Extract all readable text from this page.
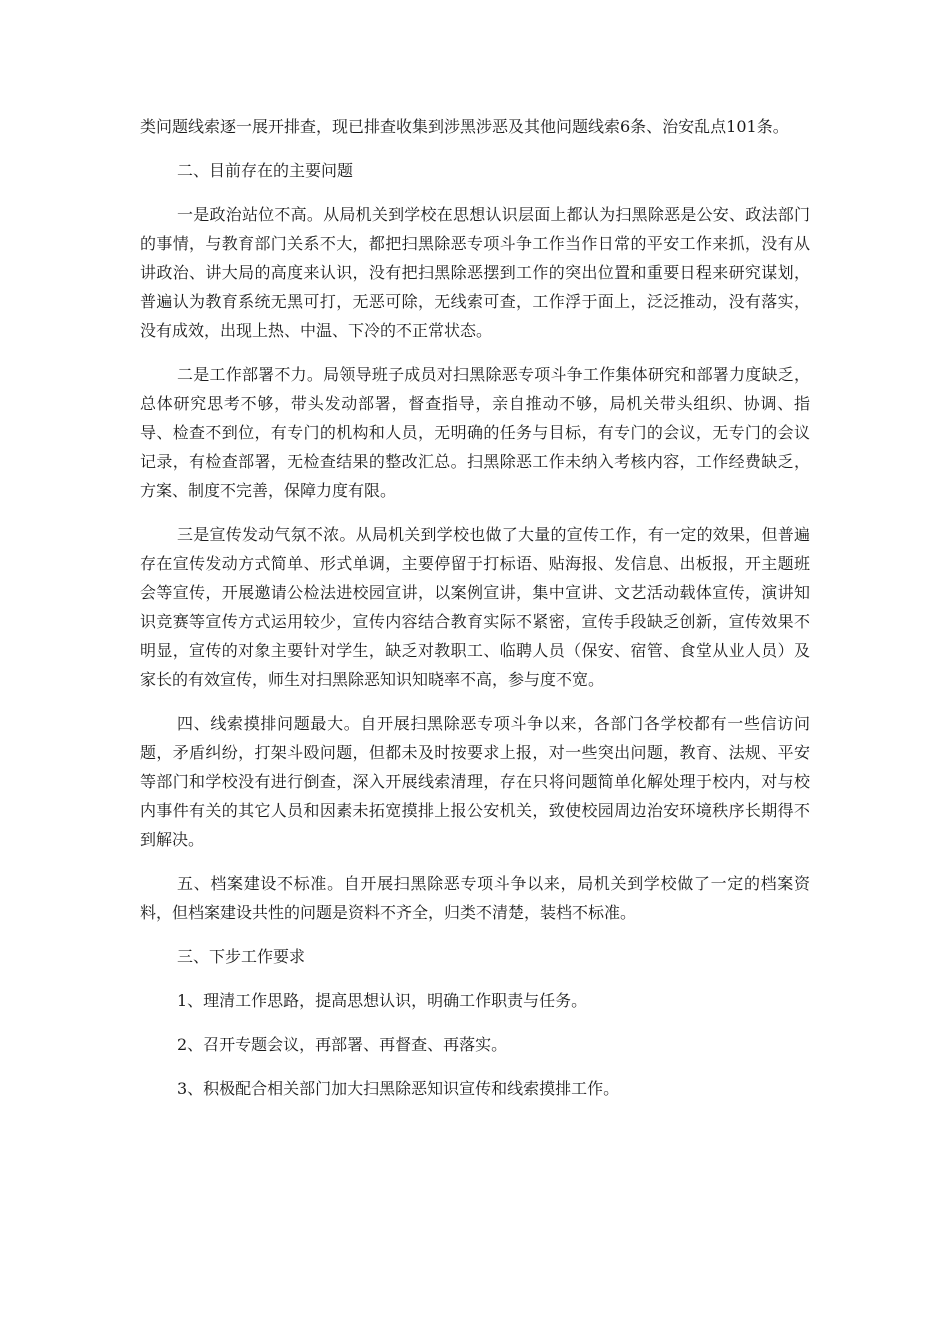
类问题线索逐一展开排查，现已排查收集到涉黑涉恶及其他问题线索6条、治安乱点101条。

二、目前存在的主要问题

一是政治站位不高。从局机关到学校在思想认识层面上都认为扫黑除恶是公安、政法部门的事情，与教育部门关系不大，都把扫黑除恶专项斗争工作当作日常的平安工作来抓，没有从讲政治、讲大局的高度来认识，没有把扫黑除恶摆到工作的突出位置和重要日程来研究谋划，普遍认为教育系统无黑可打，无恶可除，无线索可查，工作浮于面上，泛泛推动，没有落实，没有成效，出现上热、中温、下冷的不正常状态。

二是工作部署不力。局领导班子成员对扫黑除恶专项斗争工作集体研究和部署力度缺乏，总体研究思考不够，带头发动部署，督查指导，亲自推动不够，局机关带头组织、协调、指导、检查不到位，有专门的机构和人员，无明确的任务与目标，有专门的会议，无专门的会议记录，有检查部署，无检查结果的整改汇总。扫黑除恶工作未纳入考核内容，工作经费缺乏，方案、制度不完善，保障力度有限。

三是宣传发动气氛不浓。从局机关到学校也做了大量的宣传工作，有一定的效果，但普遍存在宣传发动方式简单、形式单调，主要停留于打标语、贴海报、发信息、出板报，开主题班会等宣传，开展邀请公检法进校园宣讲，以案例宣讲，集中宣讲、文艺活动载体宣传，演讲知识竞赛等宣传方式运用较少，宣传内容结合教育实际不紧密，宣传手段缺乏创新，宣传效果不明显，宣传的对象主要针对学生，缺乏对教职工、临聘人员（保安、宿管、食堂从业人员）及家长的有效宣传，师生对扫黑除恶知识知晓率不高，参与度不宽。

四、线索摸排问题最大。自开展扫黑除恶专项斗争以来，各部门各学校都有一些信访问题，矛盾纠纷，打架斗殴问题，但都未及时按要求上报，对一些突出问题，教育、法规、平安等部门和学校没有进行倒查，深入开展线索清理，存在只将问题简单化解处理于校内，对与校内事件有关的其它人员和因素未拓宽摸排上报公安机关，致使校园周边治安环境秩序长期得不到解决。

五、档案建设不标准。自开展扫黑除恶专项斗争以来，局机关到学校做了一定的档案资料，但档案建设共性的问题是资料不齐全，归类不清楚，装档不标准。

三、下步工作要求

1、理清工作思路，提高思想认识，明确工作职责与任务。

2、召开专题会议，再部署、再督查、再落实。

3、积极配合相关部门加大扫黑除恶知识宣传和线索摸排工作。
